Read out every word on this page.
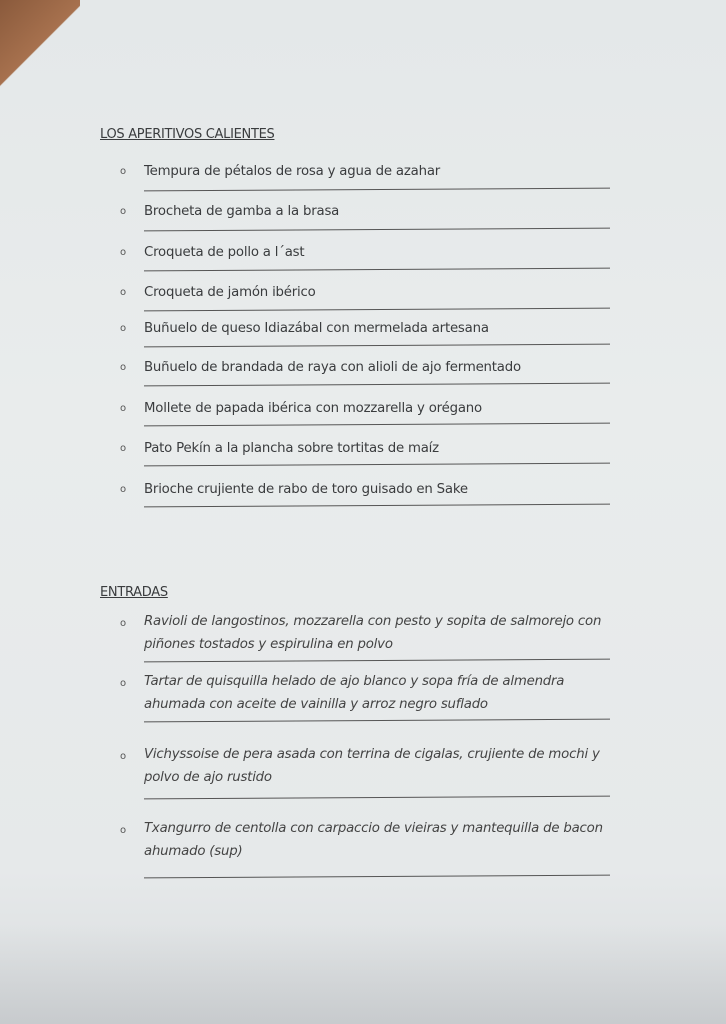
LOS APERITIVOS CALIENTES
o Tempura de pétalos de rosa y agua de azahar
o Brocheta de gamba a la brasa
o Croqueta de pollo a l´ast
o Croqueta de jamón ibérico
o Buñuelo de queso Idiazábal con mermelada artesana
o Buñuelo de brandada de raya con alioli de ajo fermentado
o Mollete de papada ibérica con mozzarella y orégano
o Pato Pekín a la plancha sobre tortitas de maíz
o Brioche crujiente de rabo de toro guisado en Sake
ENTRADAS
o Ravioli de langostinos, mozzarella con pesto y sopita de salmorejo con
piñones tostados y espirulina en polvo
o Tartar de quisquilla helado de ajo blanco y sopa fría de almendra
ahumada con aceite de vainilla y arroz negro suflado
o Vichyssoise de pera asada con terrina de cigalas, crujiente de mochi y
polvo de ajo rustido
o Txangurro de centolla con carpaccio de vieiras y mantequilla de bacon
ahumado (sup)
